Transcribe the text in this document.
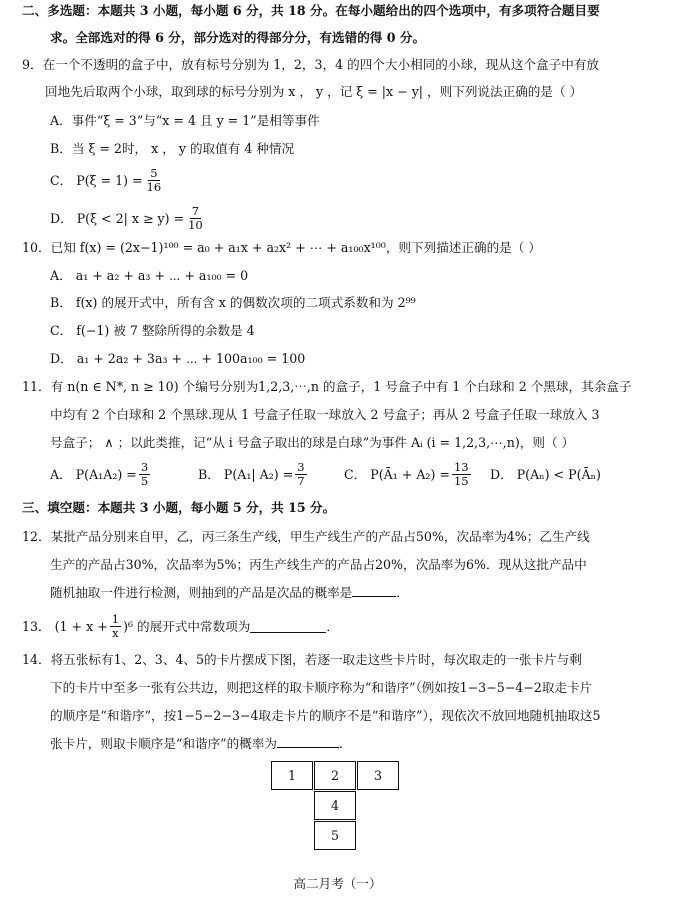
二、多选题：本题共 3 小题，每小题 6 分，共 18 分。在每小题给出的四个选项中，有多项符合题目要
求。全部选对的得 6 分，部分选对的得部分分，有选错的得 0 分。
9．在一个不透明的盒子中，放有标号分别为 1，2，3，4 的四个大小相同的小球，现从这个盒子中有放
回地先后取两个小球，取到球的标号分别为 x ， y ，记 ξ = |x − y| ，则下列说法正确的是（ ）
A．事件“ξ = 3”与“x = 4 且 y = 1”是相等事件
B．当 ξ = 2时， x ， y 的取值有 4 种情况
C． $P(\xi = 1) = \frac{5}{16}$
D． P(ξ < 2| $x \ge y) = \frac{7}{10}$
10．已知 f(x) = (2x−1)¹⁰⁰ = a₀ + a₁x + a₂x² + ⋯ + a₁₀₀x¹⁰⁰，则下列描述正确的是（ ）
A． a₁ + a₂ + a₃ + ⋯ + a₁₀₀ = 0
B． f(x) 的展开式中，所有含 x 的偶数次项的二项式系数和为 2⁹⁹
C． f(−1) 被 7 整除所得的余数是 4
D． a₁ + 2a₂ + 3a₃ + ⋯ + 100a₁₀₀ = 100
11．有 n(n ∈ N*, n ≥ 10) 个编号分别为1,2,3,⋯,n 的盒子，1 号盒子中有 1 个白球和 2 个黑球，其余盒子
中均有 2 个白球和 2 个黑球.现从 1 号盒子任取一球放入 2 号盒子；再从 2 号盒子任取一球放入 3
号盒子； ∧ ；以此类推，记“从 i 号盒子取出的球是白球”为事件 Aᵢ (i = 1,2,3,⋯,n)，则（ ）
A． $P(A_1A_2) = \frac{3}{5}$	B． P(A₁| $A_2) = \frac{3}{7}$	C． P(Ā₁ + $A_2) = \frac{13}{15}$ D． P(Aₙ) < P(Āₙ)
三、填空题：本题共 3 小题，每小题 5 分，共 15 分。
12．某批产品分别来自甲，乙，丙三条生产线，甲生产线生产的产品占50%，次品率为4%；乙生产线
生产的产品占30%，次品率为5%；丙生产线生产的产品占20%，次品率为6%．现从这批产品中
随机抽取一件进行检测，则抽到的产品是次品的概率是	．
13． $(1 + x + \frac{1}{x} )^6$ 的展开式中常数项为	．
14．将五张标有1、2、3、4、5的卡片摆成下图，若逐一取走这些卡片时，每次取走的一张卡片与剩
下的卡片中至多一张有公共边，则把这样的取卡顺序称为“和谐序”（例如按1−3−5−4−2取走卡片
的顺序是“和谐序”，按1−5−2−3−4取走卡片的顺序不是“和谐序”），现依次不放回地随机抽取这5
张卡片，则取卡顺序是“和谐序”的概率为	．
1	2	3
4
5
高二月考（一）
